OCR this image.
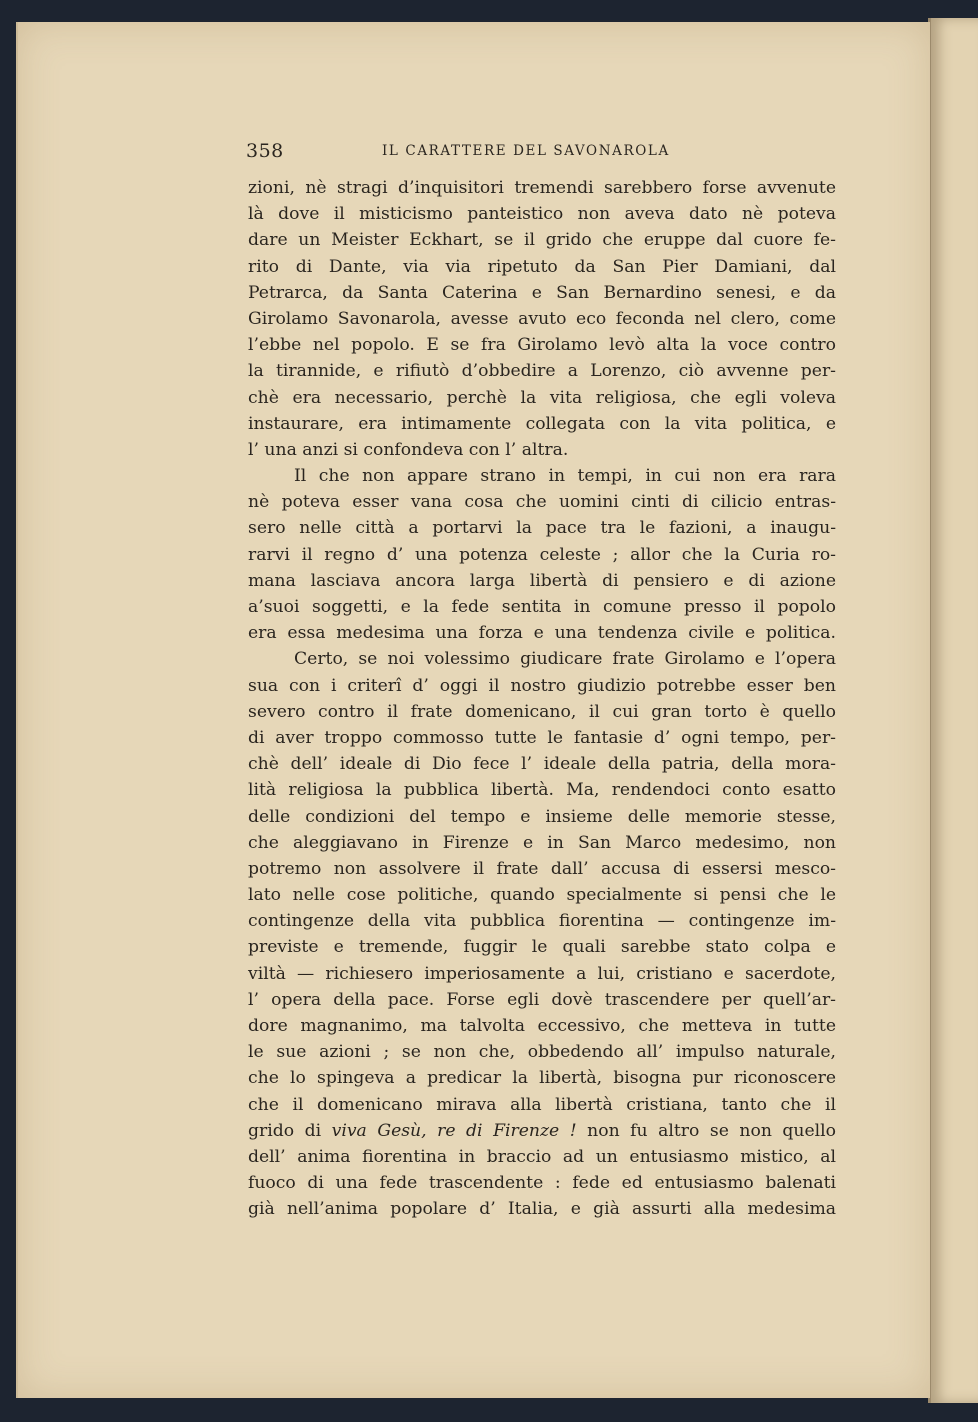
358	IL CARATTERE DEL SAVONAROLA
zioni, nè stragi d’inquisitori tremendi sarebbero forse avvenute
là dove il misticismo panteistico non aveva dato nè poteva
dare un Meister Eckhart, se il grido che eruppe dal cuore fe-
rito di Dante, via via ripetuto da San Pier Damiani, dal
Petrarca, da Santa Caterina e San Bernardino senesi, e da
Girolamo Savonarola, avesse avuto eco feconda nel clero, come
l’ebbe nel popolo. E se fra Girolamo levò alta la voce contro
la tirannide, e rifiutò d’obbedire a Lorenzo, ciò avvenne per-
chè era necessario, perchè la vita religiosa, che egli voleva
instaurare, era intimamente collegata con la vita politica, e
l’ una anzi si confondeva con l’ altra.
Il che non appare strano in tempi, in cui non era rara
nè poteva esser vana cosa che uomini cinti di cilicio entras-
sero nelle città a portarvi la pace tra le fazioni, a inaugu-
rarvi il regno d’ una potenza celeste ; allor che la Curia ro-
mana lasciava ancora larga libertà di pensiero e di azione
a’suoi soggetti, e la fede sentita in comune presso il popolo
era essa medesima una forza e una tendenza civile e politica.
Certo, se noi volessimo giudicare frate Girolamo e l’opera
sua con i criterî d’ oggi il nostro giudizio potrebbe esser ben
severo contro il frate domenicano, il cui gran torto è quello
di aver troppo commosso tutte le fantasie d’ ogni tempo, per-
chè dell’ ideale di Dio fece l’ ideale della patria, della mora-
lità religiosa la pubblica libertà. Ma, rendendoci conto esatto
delle condizioni del tempo e insieme delle memorie stesse,
che aleggiavano in Firenze e in San Marco medesimo, non
potremo non assolvere il frate dall’ accusa di essersi mesco-
lato nelle cose politiche, quando specialmente si pensi che le
contingenze della vita pubblica fiorentina — contingenze im-
previste e tremende, fuggir le quali sarebbe stato colpa e
viltà — richiesero imperiosamente a lui, cristiano e sacerdote,
l’ opera della pace. Forse egli dovè trascendere per quell’ar-
dore magnanimo, ma talvolta eccessivo, che metteva in tutte
le sue azioni ; se non che, obbedendo all’ impulso naturale,
che lo spingeva a predicar la libertà, bisogna pur riconoscere
che il domenicano mirava alla libertà cristiana, tanto che il
grido di viva Gesù, re di Firenze ! non fu altro se non quello
dell’ anima fiorentina in braccio ad un entusiasmo mistico, al
fuoco di una fede trascendente : fede ed entusiasmo balenati
già nell’anima popolare d’ Italia, e già assurti alla medesima
